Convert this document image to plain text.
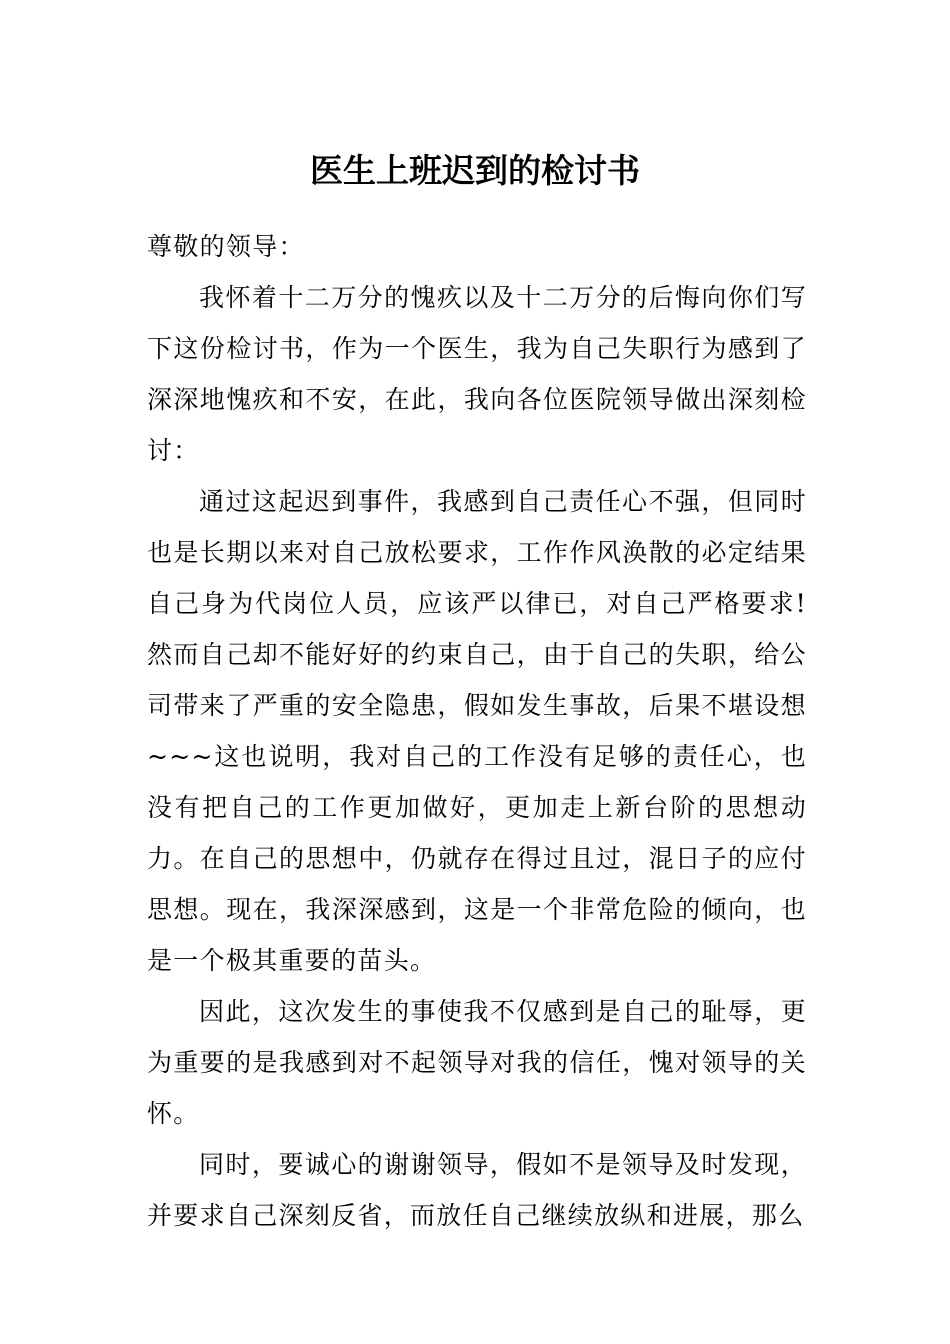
医生上班迟到的检讨书

尊敬的领导：

我怀着十二万分的愧疚以及十二万分的后悔向你们写下这份检讨书，作为一个医生，我为自己失职行为感到了深深地愧疚和不安，在此，我向各位医院领导做出深刻检讨：

通过这起迟到事件，我感到自己责任心不强，但同时也是长期以来对自己放松要求，工作作风涣散的必定结果自己身为代岗位人员，应该严以律已，对自己严格要求!然而自己却不能好好的约束自己，由于自己的失职，给公司带来了严重的安全隐患，假如发生事故，后果不堪设想~~~这也说明，我对自己的工作没有足够的责任心，也没有把自己的工作更加做好，更加走上新台阶的思想动力。在自己的思想中，仍就存在得过且过，混日子的应付思想。现在，我深深感到，这是一个非常危险的倾向，也是一个极其重要的苗头。

因此，这次发生的事使我不仅感到是自己的耻辱，更为重要的是我感到对不起领导对我的信任，愧对领导的关怀。

同时，要诚心的谢谢领导，假如不是领导及时发现，并要求自己深刻反省，而放任自己继续放纵和进展，那么
